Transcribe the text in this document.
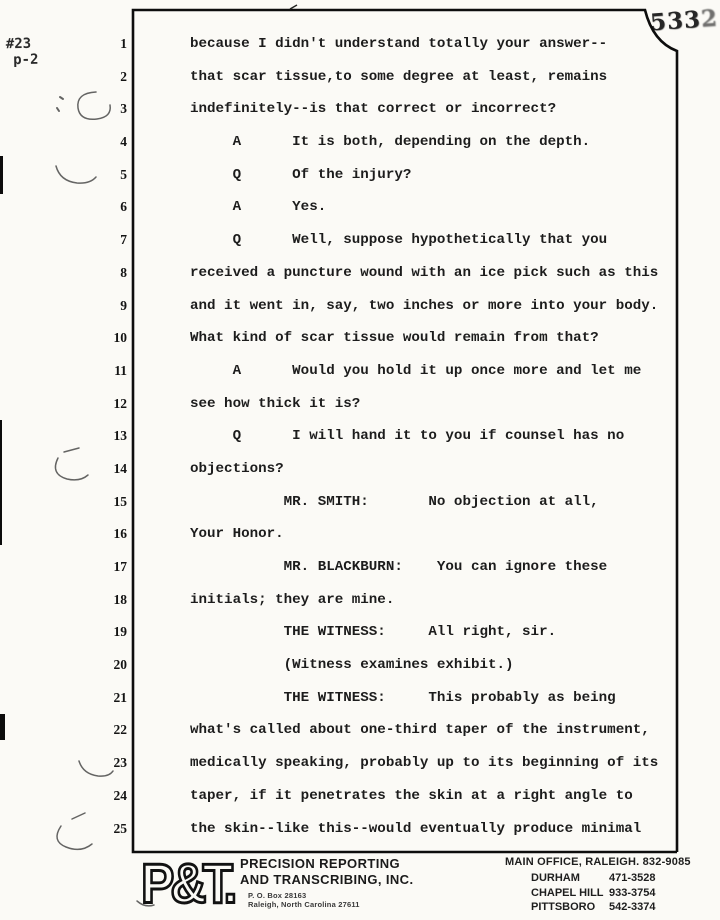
#23
p-2
5332
1
2
3
4
5
6
7
8
9
10
11
12
13
14
15
16
17
18
19
20
21
22
23
24
25
because I didn't understand totally your answer--
that scar tissue,to some degree at least, remains
indefinitely--is that correct or incorrect?
A      It is both, depending on the depth.
Q      Of the injury?
A      Yes.
Q      Well, suppose hypothetically that you
received a puncture wound with an ice pick such as this
and it went in, say, two inches or more into your body.
What kind of scar tissue would remain from that?
A      Would you hold it up once more and let me
see how thick it is?
Q      I will hand it to you if counsel has no
objections?
MR. SMITH:       No objection at all,
Your Honor.
MR. BLACKBURN:    You can ignore these
initials; they are mine.
THE WITNESS:     All right, sir.
(Witness examines exhibit.)
THE WITNESS:     This probably as being
what's called about one-third taper of the instrument,
medically speaking, probably up to its beginning of its
taper, if it penetrates the skin at a right angle to
the skin--like this--would eventually produce minimal
P&T. PRECISION REPORTING
AND TRANSCRIBING, INC.
P. O. Box 28163
Raleigh, North Carolina 27611
MAIN OFFICE, RALEIGH. 832-9085
DURHAM	471-3528
CHAPEL HILL 933-3754
PITTSBORO	542-3374
